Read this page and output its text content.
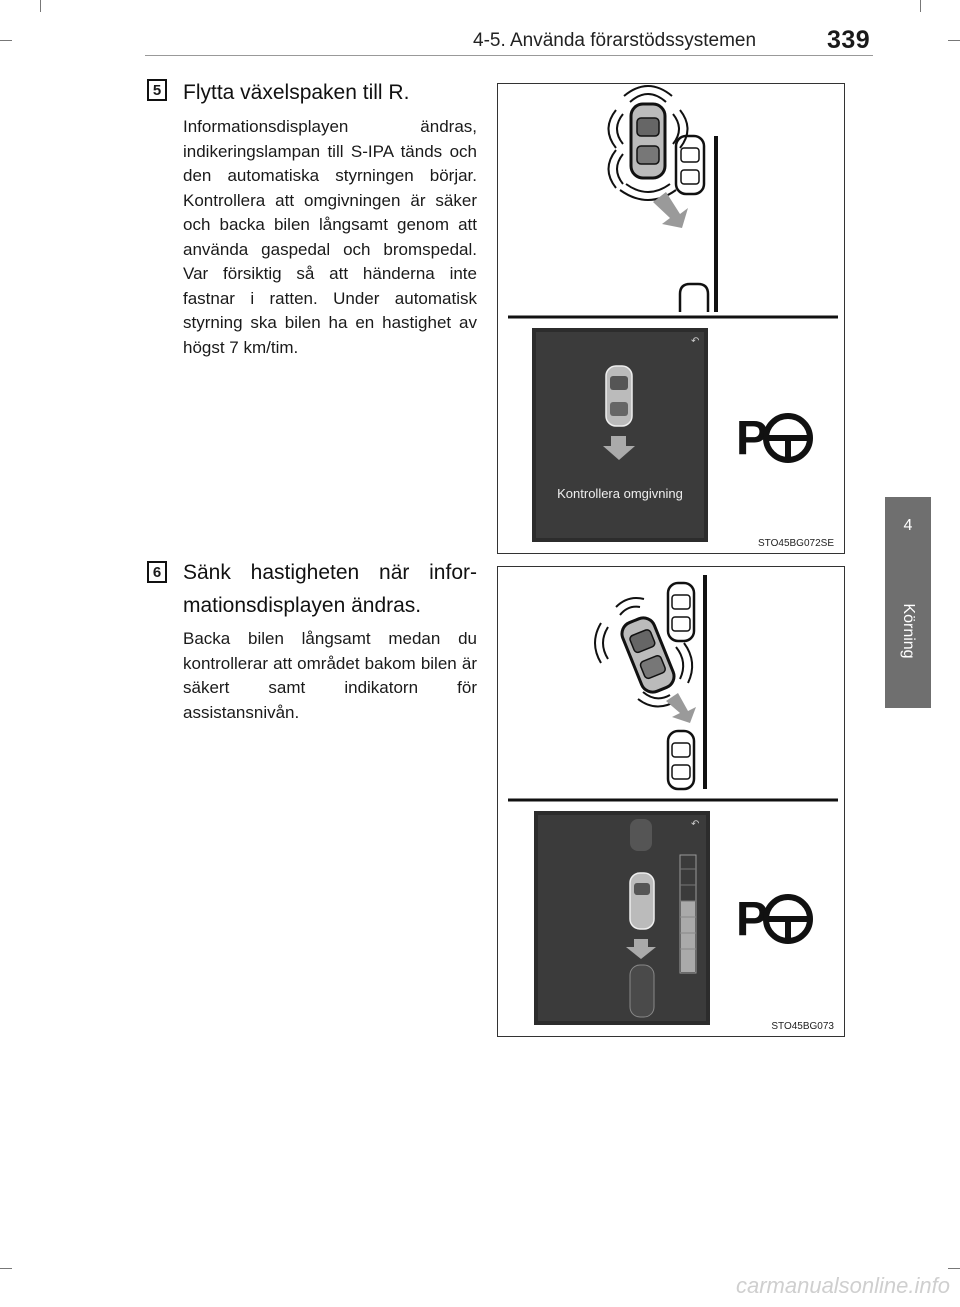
4-5. Använda förarstödssystemen	339
4
Körning
5 Flytta växelspaken till R.
Informationsdisplayen ändras, indikeringslampan till S-IPA tänds och den automatiska styrningen börjar. Kontrollera att omgivningen är säker och backa bilen långsamt genom att använda gaspedal och bromspedal. Var försiktig så att händerna inte fastnar i ratten. Under automatisk styrning ska bilen ha en hastighet av högst 7 km/tim.
6 Sänk hastigheten när informationsdisplayen ändras.
Backa bilen långsamt medan du kontrollerar att området bakom bilen är säkert samt indikatorn för assistansnivån.
↶
Kontrollera omgivning
P
STO45BG072SE
↶
P
STO45BG073
carmanualsonline.info
